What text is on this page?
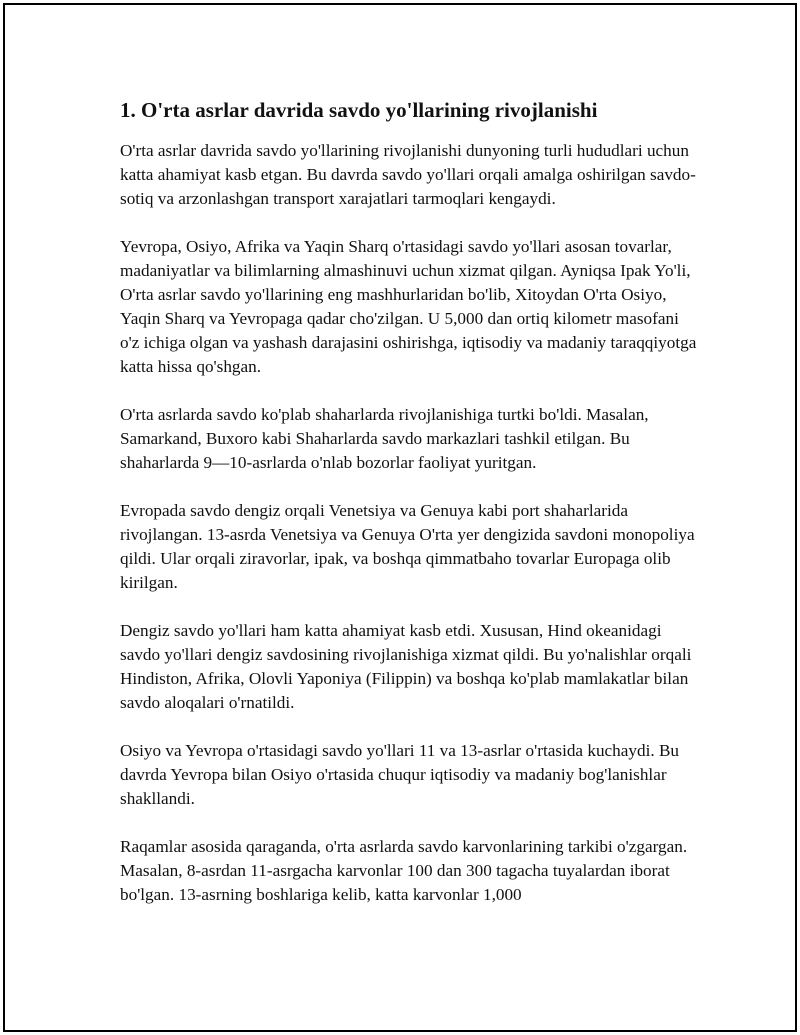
1. O'rta asrlar davrida savdo yo'llarining rivojlanishi

O'rta asrlar davrida savdo yo'llarining rivojlanishi dunyoning turli hududlari uchun katta ahamiyat kasb etgan. Bu davrda savdo yo'llari orqali amalga oshirilgan savdo-sotiq va arzonlashgan transport xarajatlari tarmoqlari kengaydi.

Yevropa, Osiyo, Afrika va Yaqin Sharq o'rtasidagi savdo yo'llari asosan tovarlar, madaniyatlar va bilimlarning almashinuvi uchun xizmat qilgan. Ayniqsa Ipak Yo'li, O'rta asrlar savdo yo'llarining eng mashhurlaridan bo'lib, Xitoydan O'rta Osiyo, Yaqin Sharq va Yevropaga qadar cho'zilgan. U 5,000 dan ortiq kilometr masofani o'z ichiga olgan va yashash darajasini oshirishga, iqtisodiy va madaniy taraqqiyotga katta hissa qo'shgan.

O'rta asrlarda savdo ko'plab shaharlarda rivojlanishiga turtki bo'ldi. Masalan, Samarkand, Buxoro kabi Shaharlarda savdo markazlari tashkil etilgan. Bu shaharlarda 9—10-asrlarda o'nlab bozorlar faoliyat yuritgan.

Evropada savdo dengiz orqali Venetsiya va Genuya kabi port shaharlarida rivojlangan. 13-asrda Venetsiya va Genuya O'rta yer dengizida savdoni monopoliya qildi. Ular orqali ziravorlar, ipak, va boshqa qimmatbaho tovarlar Europaga olib kirilgan.

Dengiz savdo yo'llari ham katta ahamiyat kasb etdi. Xususan, Hind okeanidagi savdo yo'llari dengiz savdosining rivojlanishiga xizmat qildi. Bu yo'nalishlar orqali Hindiston, Afrika, Olovli Yaponiya (Filippin) va boshqa ko'plab mamlakatlar bilan savdo aloqalari o'rnatildi.

Osiyo va Yevropa o'rtasidagi savdo yo'llari 11 va 13-asrlar o'rtasida kuchaydi. Bu davrda Yevropa bilan Osiyo o'rtasida chuqur iqtisodiy va madaniy bog'lanishlar shakllandi.

Raqamlar asosida qaraganda, o'rta asrlarda savdo karvonlarining tarkibi o'zgargan. Masalan, 8-asrdan 11-asrgacha karvonlar 100 dan 300 tagacha tuyalardan iborat bo'lgan. 13-asrning boshlariga kelib, katta karvonlar 1,000
